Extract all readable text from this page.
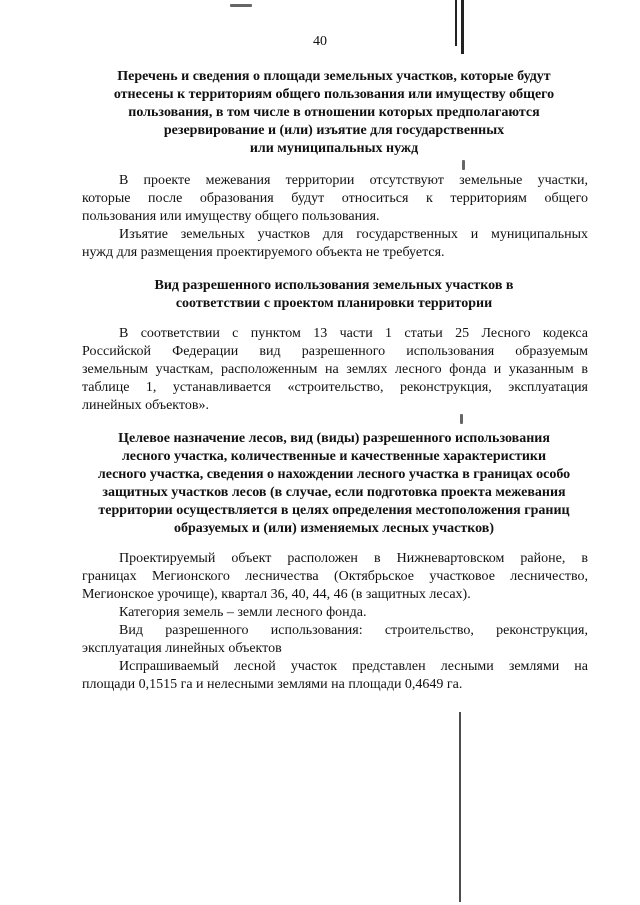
40
Перечень и сведения о площади земельных участков, которые будут
отнесены к территориям общего пользования или имуществу общего
пользования, в том числе в отношении которых предполагаются
резервирование и (или) изъятие для государственных
или муниципальных нужд
В проекте межевания территории отсутствуют земельные участки,
которые после образования будут относиться к территориям общего
пользования или имуществу общего пользования.
Изъятие земельных участков для государственных и муниципальных
нужд для размещения проектируемого объекта не требуется.
Вид разрешенного использования земельных участков в
соответствии с проектом планировки территории
В соответствии с пунктом 13 части 1 статьи 25 Лесного кодекса
Российской Федерации вид разрешенного использования образуемым
земельным участкам, расположенным на землях лесного фонда и указанным в
таблице 1, устанавливается «строительство, реконструкция, эксплуатация
линейных объектов».
Целевое назначение лесов, вид (виды) разрешенного использования
лесного участка, количественные и качественные характеристики
лесного участка, сведения о нахождении лесного участка в границах особо
защитных участков лесов (в случае, если подготовка проекта межевания
территории осуществляется в целях определения местоположения границ
образуемых и (или) изменяемых лесных участков)
Проектируемый объект расположен в Нижневартовском районе, в
границах Мегионского лесничества (Октябрьское участковое лесничество,
Мегионское урочище), квартал 36, 40, 44, 46 (в защитных лесах).
Категория земель – земли лесного фонда.
Вид разрешенного использования: строительство, реконструкция,
эксплуатация линейных объектов
Испрашиваемый лесной участок представлен лесными землями на
площади 0,1515 га и нелесными землями на площади 0,4649 га.
